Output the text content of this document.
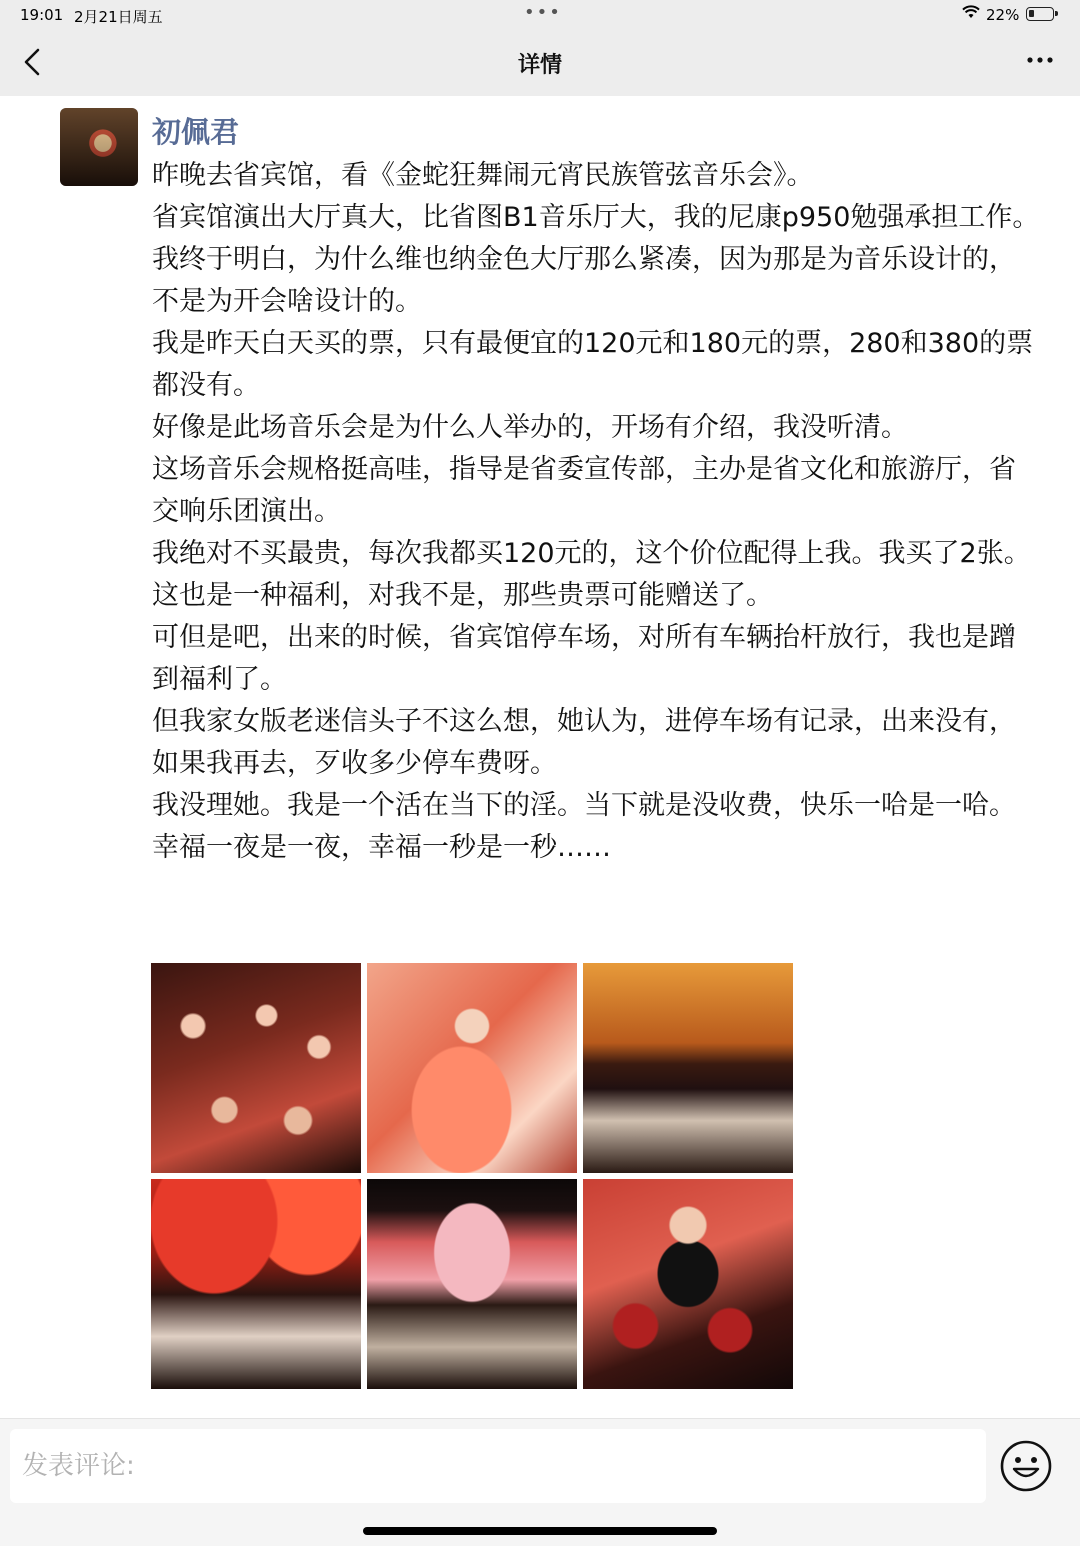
19:01 2月21日周五	•••	22%
详情
初佩君

昨晚去省宾馆，看《金蛇狂舞闹元宵民族管弦音乐会》。

省宾馆演出大厅真大，比省图B1音乐厅大，我的尼康p950勉强承担工作。

我终于明白，为什么维也纳金色大厅那么紧凑，因为那是为音乐设计的，不是为开会啥设计的。

我是昨天白天买的票，只有最便宜的120元和180元的票，280和380的票都没有。

好像是此场音乐会是为什么人举办的，开场有介绍，我没听清。

这场音乐会规格挺高哇，指导是省委宣传部，主办是省文化和旅游厅，省交响乐团演出。

我绝对不买最贵，每次我都买120元的，这个价位配得上我。我买了2张。

这也是一种福利，对我不是，那些贵票可能赠送了。

可但是吧，出来的时候，省宾馆停车场，对所有车辆抬杆放行，我也是蹭到福利了。

但我家女版老迷信头子不这么想，她认为，进停车场有记录，出来没有，如果我再去，歹收多少停车费呀。

我没理她。我是一个活在当下的淫。当下就是没收费，快乐一哈是一哈。幸福一夜是一夜，幸福一秒是一秒……

发表评论:
